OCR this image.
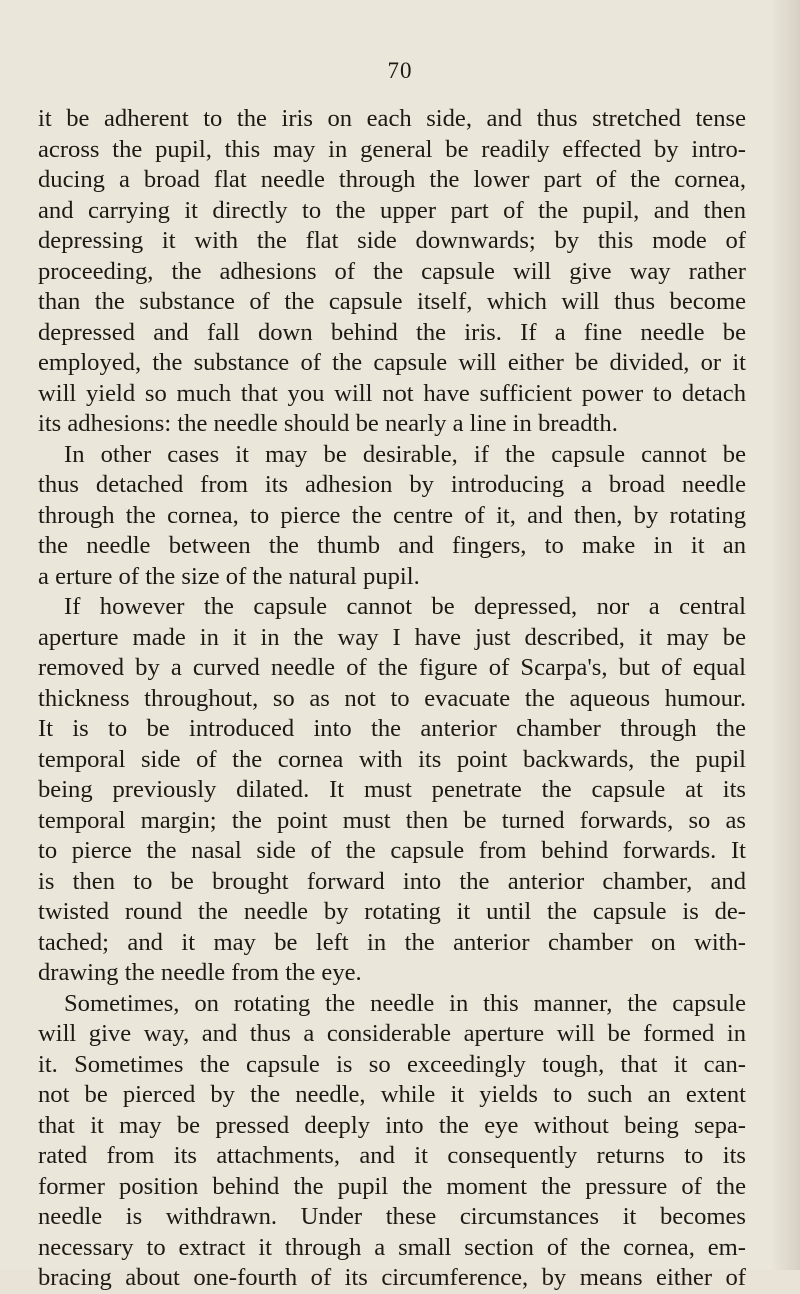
70
it be adherent to the iris on each side, and thus stretched tense
across the pupil, this may in general be readily effected by intro-
ducing a broad flat needle through the lower part of the cornea,
and carrying it directly to the upper part of the pupil, and then
depressing it with the flat side downwards; by this mode of
proceeding, the adhesions of the capsule will give way rather
than the substance of the capsule itself, which will thus become
depressed and fall down behind the iris. If a fine needle be
employed, the substance of the capsule will either be divided, or it
will yield so much that you will not have sufficient power to detach
its adhesions: the needle should be nearly a line in breadth.
In other cases it may be desirable, if the capsule cannot be
thus detached from its adhesion by introducing a broad needle
through the cornea, to pierce the centre of it, and then, by rotating
the needle between the thumb and fingers, to make in it an
a erture of the size of the natural pupil.
If however the capsule cannot be depressed, nor a central
aperture made in it in the way I have just described, it may be
removed by a curved needle of the figure of Scarpa's, but of equal
thickness throughout, so as not to evacuate the aqueous humour.
It is to be introduced into the anterior chamber through the
temporal side of the cornea with its point backwards, the pupil
being previously dilated. It must penetrate the capsule at its
temporal margin; the point must then be turned forwards, so as
to pierce the nasal side of the capsule from behind forwards. It
is then to be brought forward into the anterior chamber, and
twisted round the needle by rotating it until the capsule is de-
tached; and it may be left in the anterior chamber on with-
drawing the needle from the eye.
Sometimes, on rotating the needle in this manner, the capsule
will give way, and thus a considerable aperture will be formed in
it. Sometimes the capsule is so exceedingly tough, that it can-
not be pierced by the needle, while it yields to such an extent
that it may be pressed deeply into the eye without being sepa-
rated from its attachments, and it consequently returns to its
former position behind the pupil the moment the pressure of the
needle is withdrawn. Under these circumstances it becomes
necessary to extract it through a small section of the cornea, em-
bracing about one-fourth of its circumference, by means either of
